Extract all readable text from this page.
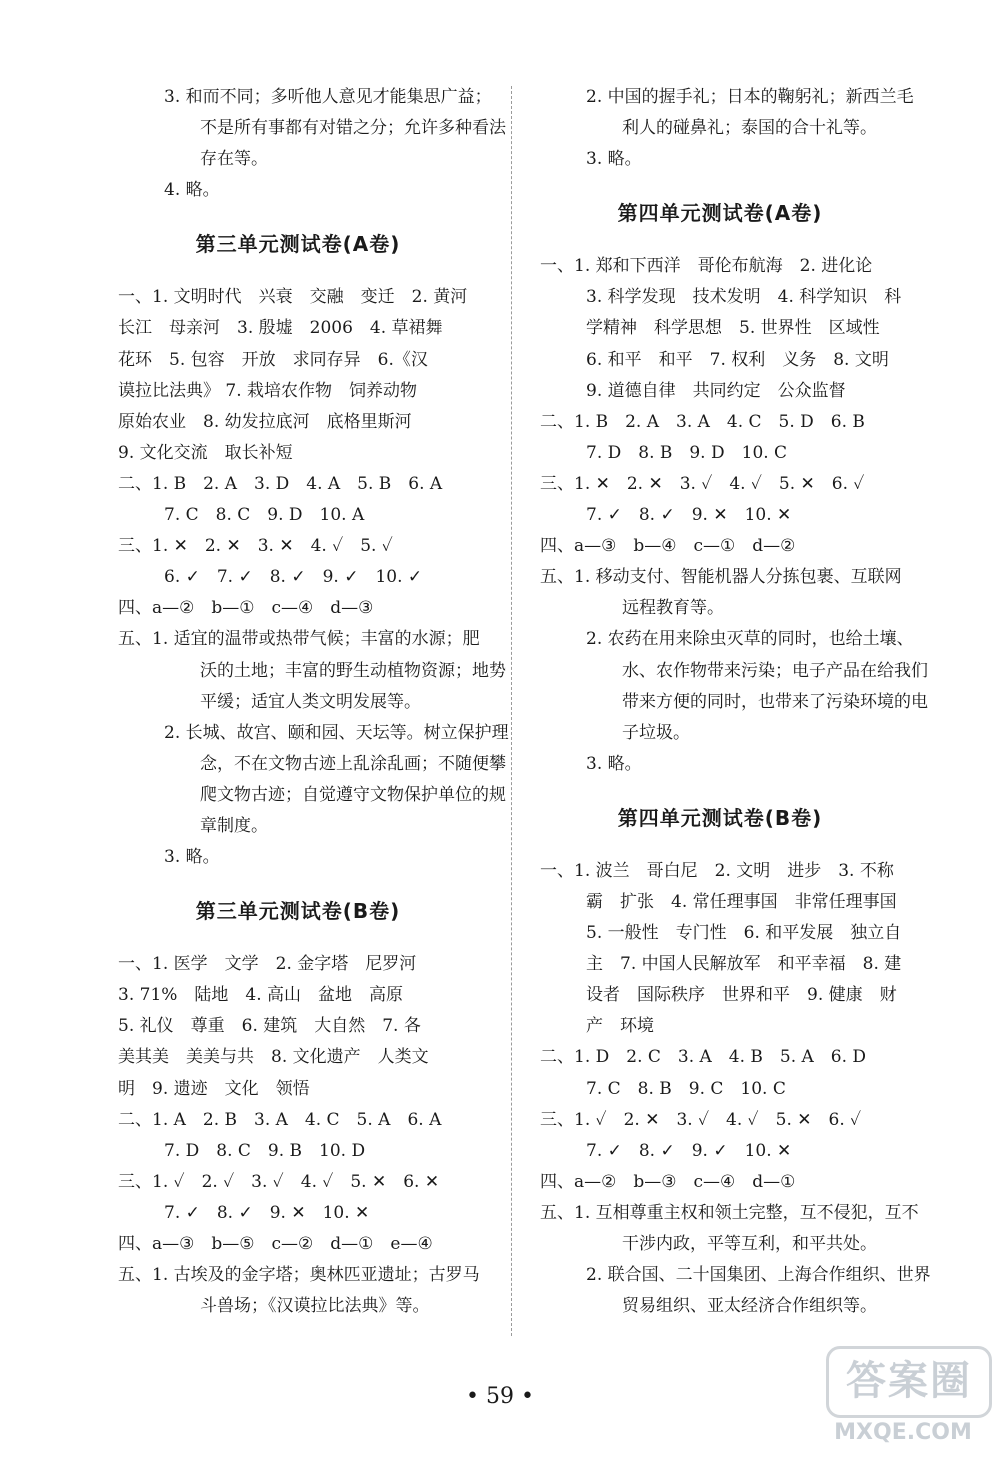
3. 和而不同；多听他人意见才能集思广益；
不是所有事都有对错之分；允许多种看法
存在等。
4. 略。
第三单元测试卷(A卷)
一、1. 文明时代　兴衰　交融　变迁　2. 黄河
长江　母亲河　3. 殷墟　2006　4. 草裙舞
花环　5. 包容　开放　求同存异　6.《汉
谟拉比法典》 7. 栽培农作物　饲养动物
原始农业　8. 幼发拉底河　底格里斯河
9. 文化交流　取长补短
二、1. B　2. A　3. D　4. A　5. B　6. A
7. C　8. C　9. D　10. A
三、1. ✕　2. ✕　3. ✕　4. ✓　5. ✓
6. ✓　7. ✓　8. ✓　9. ✓　10. ✓
四、a—②　b—①　c—④　d—③
五、1. 适宜的温带或热带气候；丰富的水源；肥
沃的土地；丰富的野生动植物资源；地势
平缓；适宜人类文明发展等。
2. 长城、故宫、颐和园、天坛等。树立保护理
念，不在文物古迹上乱涂乱画；不随便攀
爬文物古迹；自觉遵守文物保护单位的规
章制度。
3. 略。
第三单元测试卷(B卷)
一、1. 医学　文学　2. 金字塔　尼罗河
3. 71%　陆地　4. 高山　盆地　高原
5. 礼仪　尊重　6. 建筑　大自然　7. 各
美其美　美美与共　8. 文化遗产　人类文
明　9. 遗迹　文化　领悟
二、1. A　2. B　3. A　4. C　5. A　6. A
7. D　8. C　9. B　10. D
三、1. ✓　2. ✓　3. ✓　4. ✓　5. ✕　6. ✕
7. ✓　8. ✓　9. ✕　10. ✕
四、a—③　b—⑤　c—②　d—①　e—④
五、1. 古埃及的金字塔；奥林匹亚遗址；古罗马
斗兽场；《汉谟拉比法典》等。
2. 中国的握手礼；日本的鞠躬礼；新西兰毛
利人的碰鼻礼；泰国的合十礼等。
3. 略。
第四单元测试卷(A卷)
一、1. 郑和下西洋　哥伦布航海　2. 进化论
3. 科学发现　技术发明　4. 科学知识　科
学精神　科学思想　5. 世界性　区域性
6. 和平　和平　7. 权利　义务　8. 文明
9. 道德自律　共同约定　公众监督
二、1. B　2. A　3. A　4. C　5. D　6. B
7. D　8. B　9. D　10. C
三、1. ✕　2. ✕　3. ✓　4. ✓　5. ✕　6. ✓
7. ✓　8. ✓　9. ✕　10. ✕
四、a—③　b—④　c—①　d—②
五、1. 移动支付、智能机器人分拣包裹、互联网
远程教育等。
2. 农药在用来除虫灭草的同时，也给土壤、
水、农作物带来污染；电子产品在给我们
带来方便的同时，也带来了污染环境的电
子垃圾。
3. 略。
第四单元测试卷(B卷)
一、1. 波兰　哥白尼　2. 文明　进步　3. 不称
霸　扩张　4. 常任理事国　非常任理事国
5. 一般性　专门性　6. 和平发展　独立自
主　7. 中国人民解放军　和平幸福　8. 建
设者　国际秩序　世界和平　9. 健康　财
产　环境
二、1. D　2. C　3. A　4. B　5. A　6. D
7. C　8. B　9. C　10. C
三、1. ✓　2. ✕　3. ✓　4. ✓　5. ✕　6. ✓
7. ✓　8. ✓　9. ✓　10. ✕
四、a—②　b—③　c—④　d—①
五、1. 互相尊重主权和领土完整，互不侵犯，互不
干涉内政，平等互利，和平共处。
2. 联合国、二十国集团、上海合作组织、世界
贸易组织、亚太经济合作组织等。
• 59 •	答案圈
MXQE.COM
